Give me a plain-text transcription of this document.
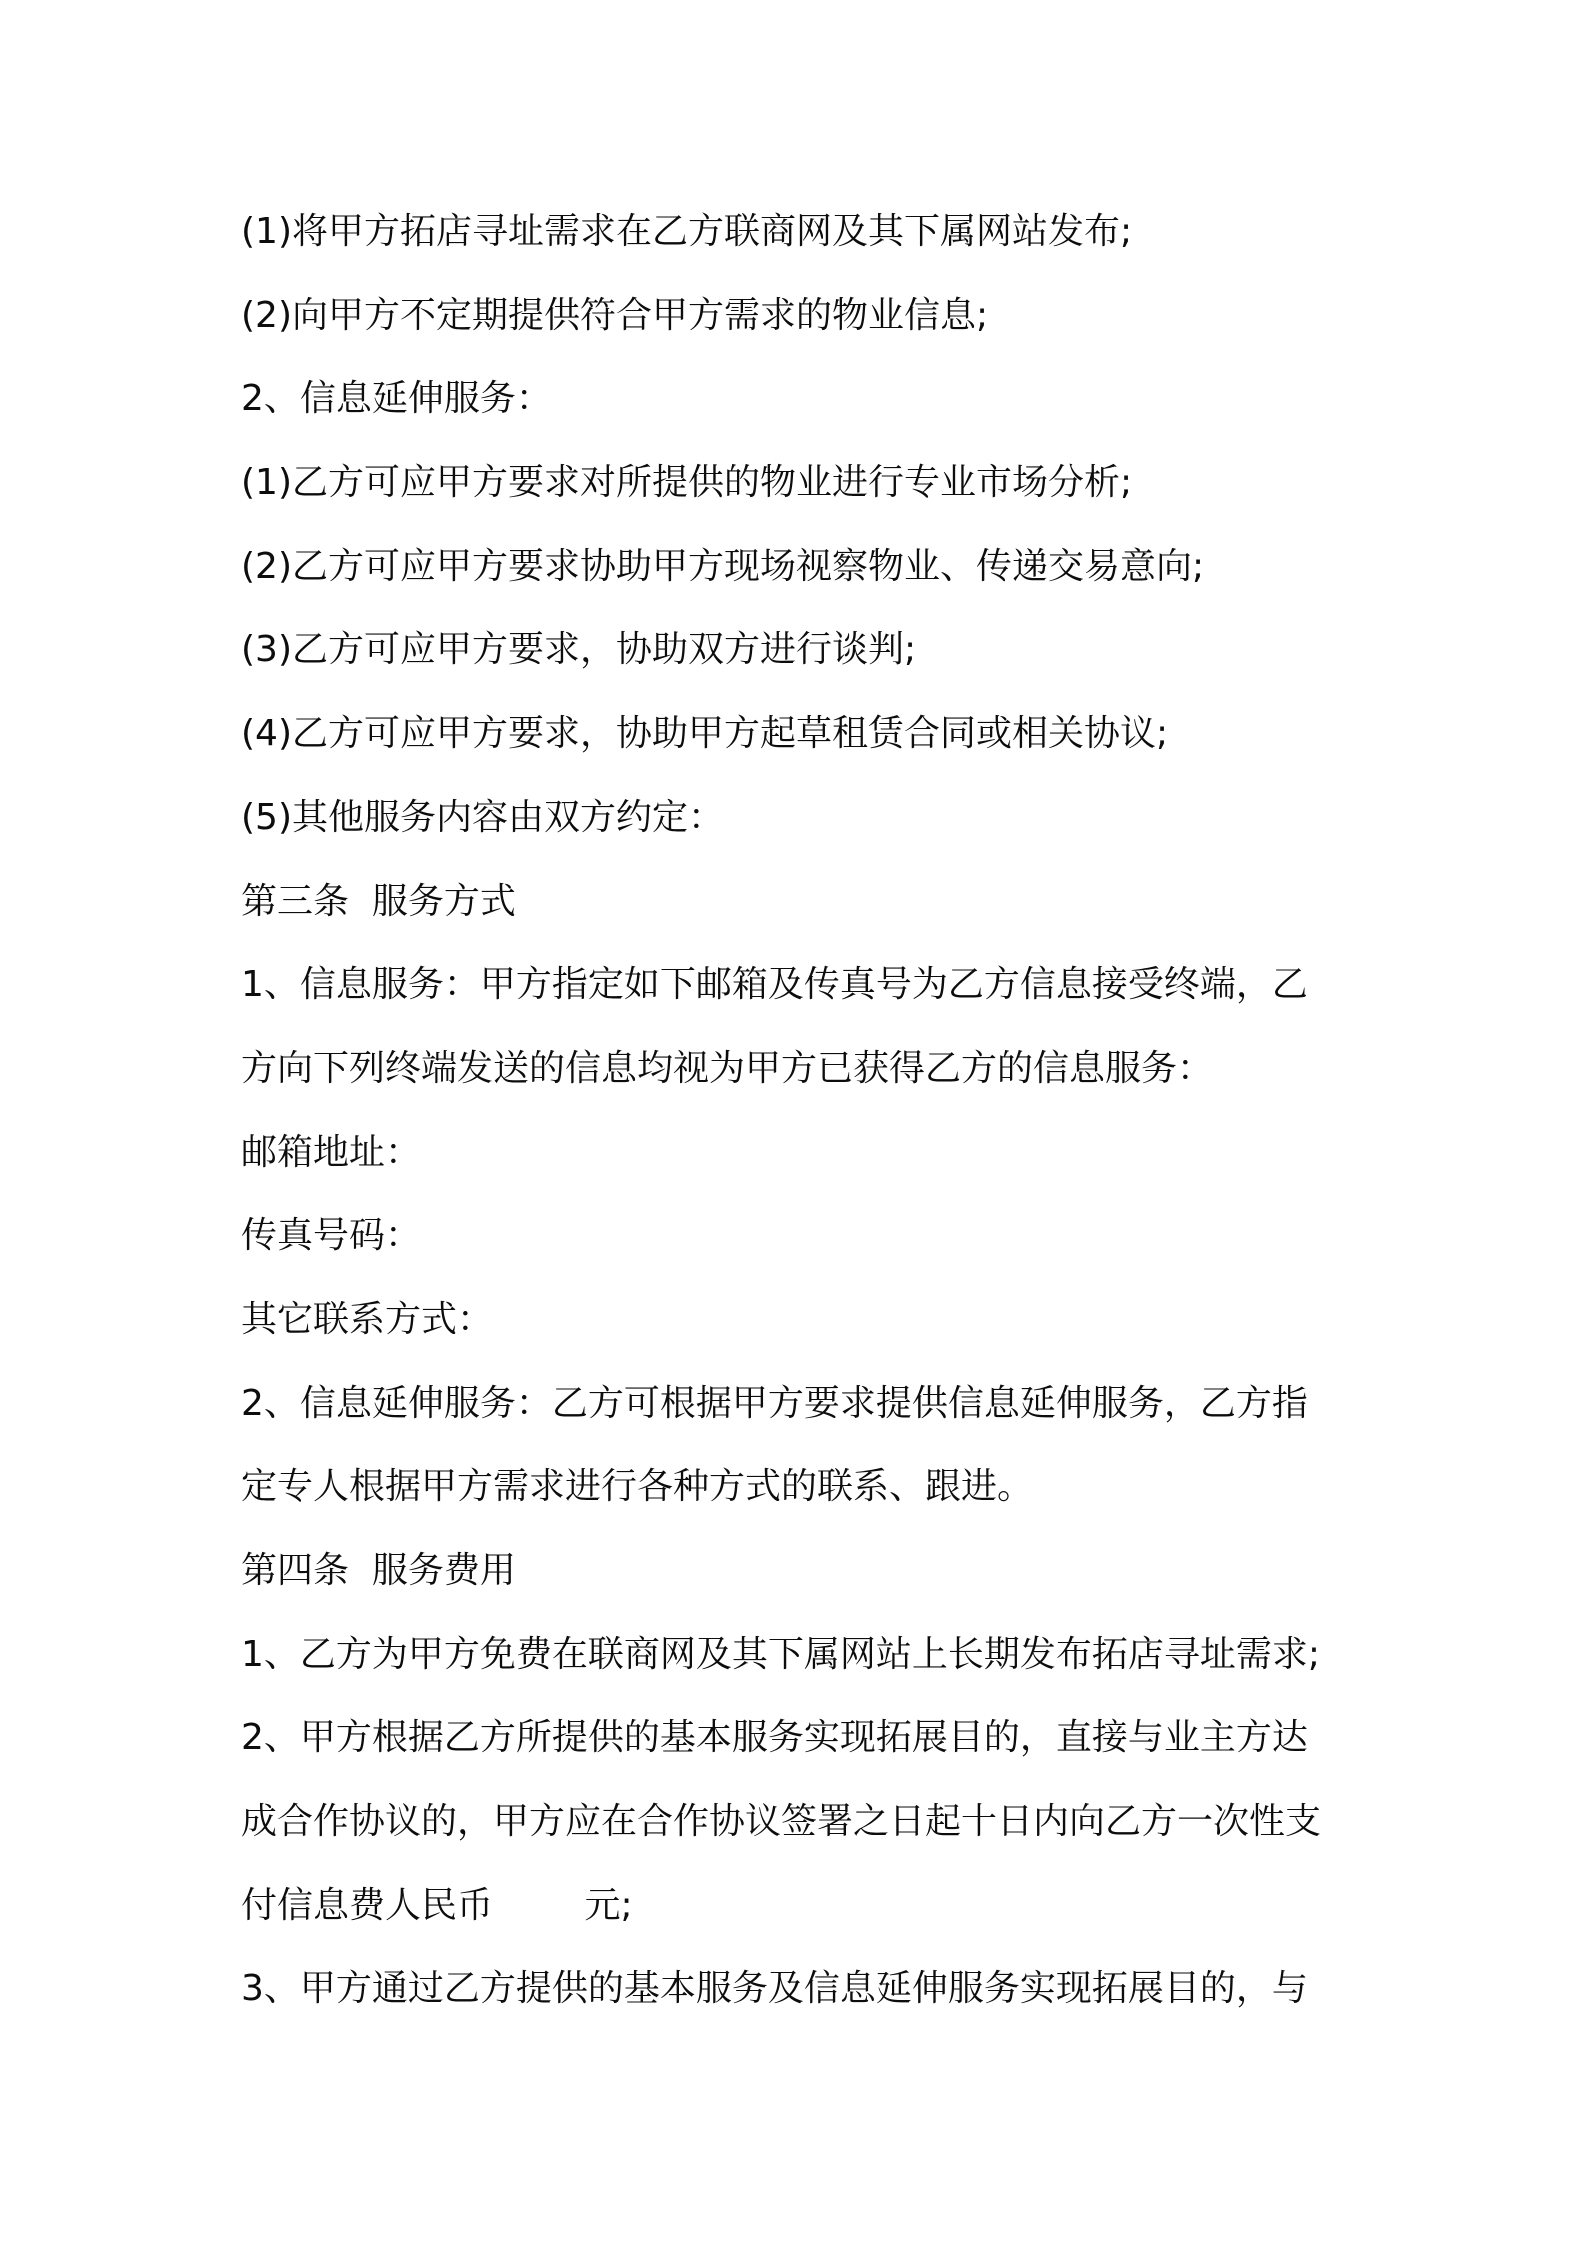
(1)将甲方拓店寻址需求在乙方联商网及其下属网站发布;

(2)向甲方不定期提供符合甲方需求的物业信息;

2、信息延伸服务：

(1)乙方可应甲方要求对所提供的物业进行专业市场分析;

(2)乙方可应甲方要求协助甲方现场视察物业、传递交易意向;

(3)乙方可应甲方要求，协助双方进行谈判;

(4)乙方可应甲方要求，协助甲方起草租赁合同或相关协议;

(5)其他服务内容由双方约定：

第三条  服务方式

1、信息服务：甲方指定如下邮箱及传真号为乙方信息接受终端，乙

方向下列终端发送的信息均视为甲方已获得乙方的信息服务：

邮箱地址：

传真号码：

其它联系方式：

2、信息延伸服务：乙方可根据甲方要求提供信息延伸服务，乙方指

定专人根据甲方需求进行各种方式的联系、跟进。

第四条  服务费用

1、乙方为甲方免费在联商网及其下属网站上长期发布拓店寻址需求;

2、甲方根据乙方所提供的基本服务实现拓展目的，直接与业主方达

成合作协议的，甲方应在合作协议签署之日起十日内向乙方一次性支

付信息费人民币        元;

3、甲方通过乙方提供的基本服务及信息延伸服务实现拓展目的，与
